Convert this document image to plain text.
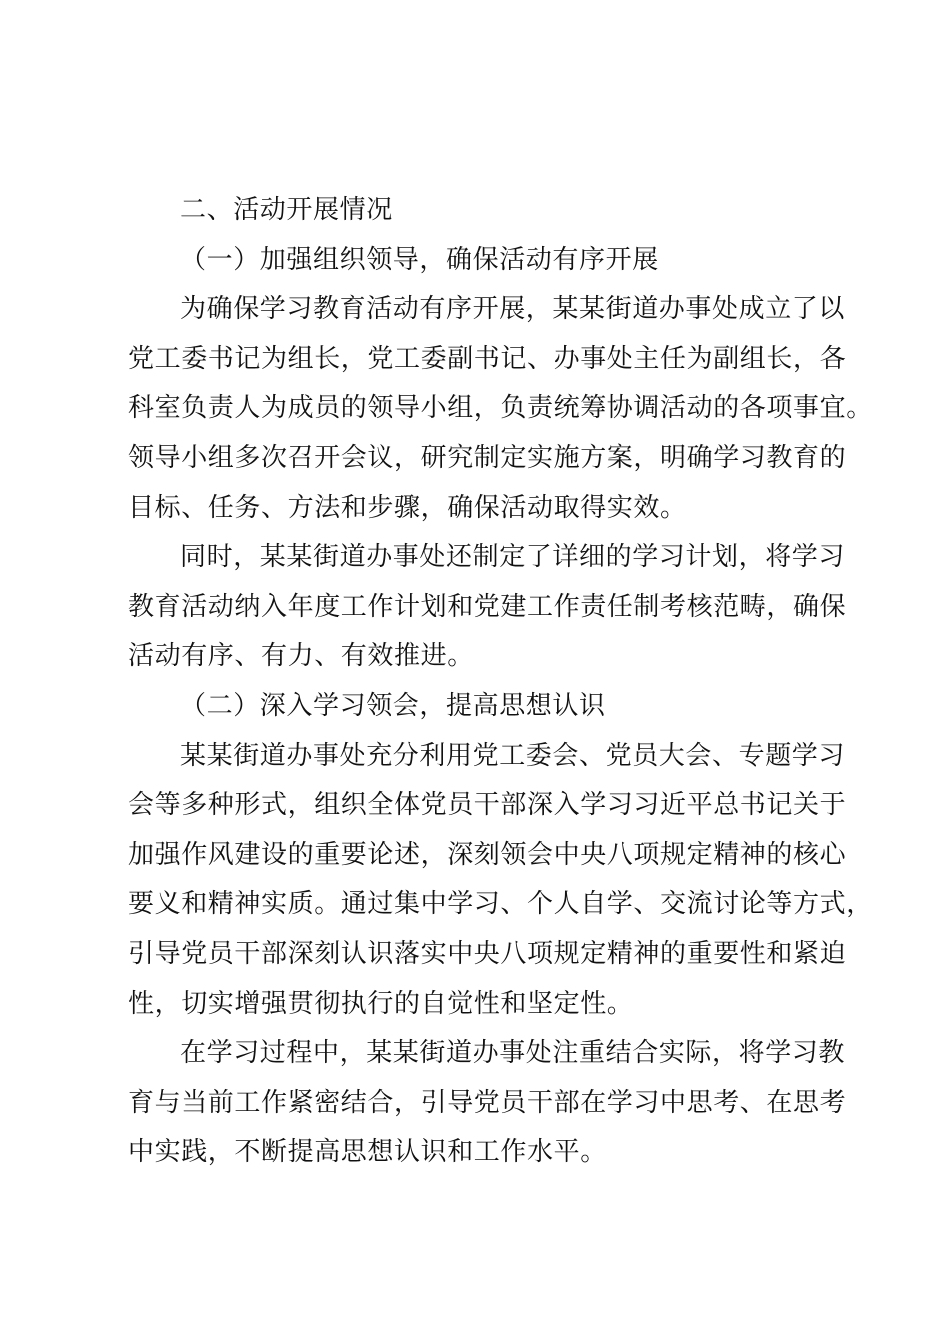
二、活动开展情况
（一）加强组织领导，确保活动有序开展
为确保学习教育活动有序开展，某某街道办事处成立了以
党工委书记为组长，党工委副书记、办事处主任为副组长，各
科室负责人为成员的领导小组，负责统筹协调活动的各项事宜。
领导小组多次召开会议，研究制定实施方案，明确学习教育的
目标、任务、方法和步骤，确保活动取得实效。
同时，某某街道办事处还制定了详细的学习计划，将学习
教育活动纳入年度工作计划和党建工作责任制考核范畴，确保
活动有序、有力、有效推进。
（二）深入学习领会，提高思想认识
某某街道办事处充分利用党工委会、党员大会、专题学习
会等多种形式，组织全体党员干部深入学习习近平总书记关于
加强作风建设的重要论述，深刻领会中央八项规定精神的核心
要义和精神实质。通过集中学习、个人自学、交流讨论等方式，
引导党员干部深刻认识落实中央八项规定精神的重要性和紧迫
性，切实增强贯彻执行的自觉性和坚定性。
在学习过程中，某某街道办事处注重结合实际，将学习教
育与当前工作紧密结合，引导党员干部在学习中思考、在思考
中实践，不断提高思想认识和工作水平。
